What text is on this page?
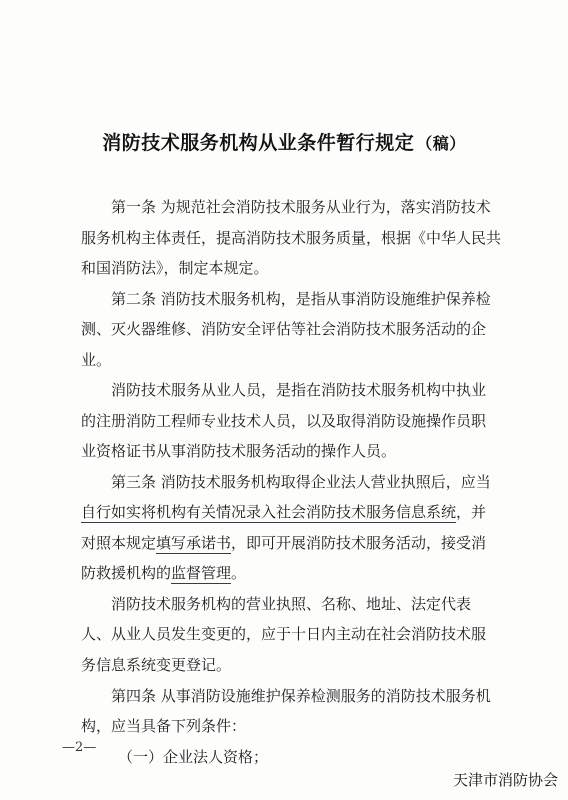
消防技术服务机构从业条件暂行规定 （稿）
第一条 为规范社会消防技术服务从业行为，落实消防技术
服务机构主体责任，提高消防技术服务质量，根据《中华人民共
和国消防法》，制定本规定。
第二条 消防技术服务机构，是指从事消防设施维护保养检
测、灭火器维修、消防安全评估等社会消防技术服务活动的企
业。
消防技术服务从业人员，是指在消防技术服务机构中执业
的注册消防工程师专业技术人员，以及取得消防设施操作员职
业资格证书从事消防技术服务活动的操作人员。
第三条 消防技术服务机构取得企业法人营业执照后，应当
自行如实将机构有关情况录入社会消防技术服务信息系统，并
对照本规定填写承诺书，即可开展消防技术服务活动，接受消
防救援机构的监督管理。
消防技术服务机构的营业执照、名称、地址、法定代表
人、从业人员发生变更的，应于十日内主动在社会消防技术服
务信息系统变更登记。
第四条 从事消防设施维护保养检测服务的消防技术服务机
构，应当具备下列条件：
（一）企业法人资格；
—2—
天津市消防协会
